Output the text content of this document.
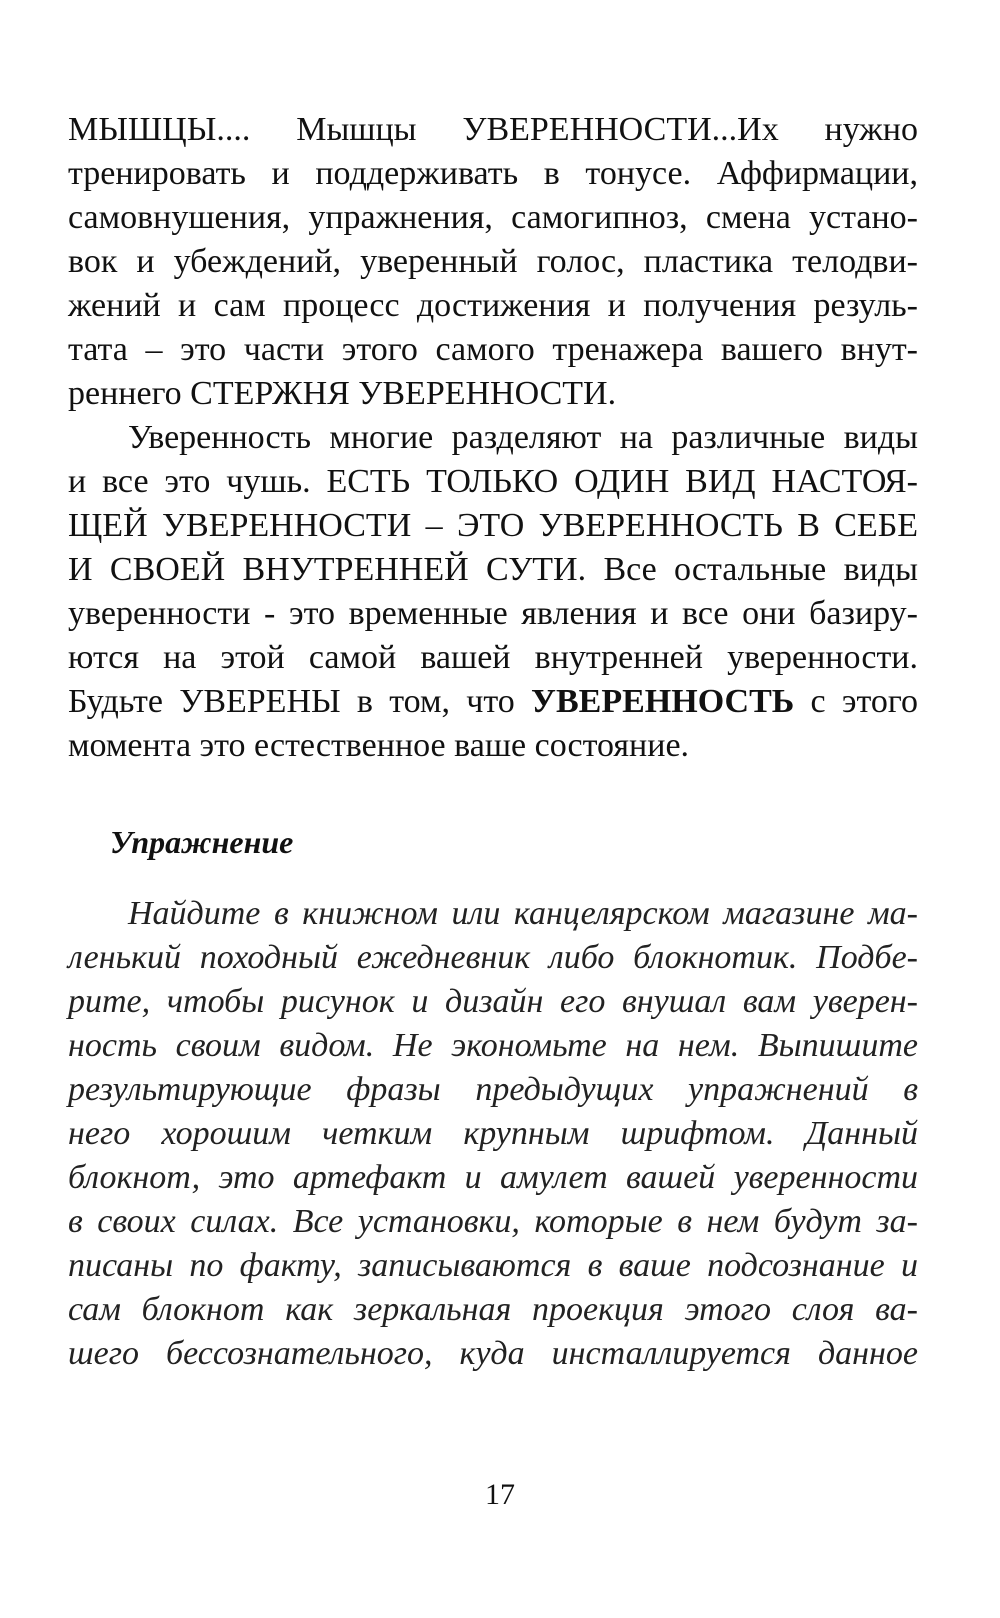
МЫШЦЫ.... Мышцы УВЕРЕННОСТИ...Их нужно
тренировать и поддерживать в тонусе. Аффирмации,
самовнушения, упражнения, самогипноз, смена устано-
вок и убеждений, уверенный голос, пластика телодви-
жений и сам процесс достижения и получения резуль-
тата – это части этого самого тренажера вашего внут-
реннего СТЕРЖНЯ УВЕРЕННОСТИ.
Уверенность многие разделяют на различные виды
и все это чушь. ЕСТЬ ТОЛЬКО ОДИН ВИД НАСТОЯ-
ЩЕЙ УВЕРЕННОСТИ – ЭТО УВЕРЕННОСТЬ В СЕБЕ
И СВОЕЙ ВНУТРЕННЕЙ СУТИ. Все остальные виды
уверенности - это временные явления и все они базиру-
ются на этой самой вашей внутренней уверенности.
Будьте УВЕРЕНЫ в том, что УВЕРЕННОСТЬ с этого
момента это естественное ваше состояние.
Упражнение
Найдите в книжном или канцелярском магазине ма-
ленький походный ежедневник либо блокнотик. Подбе-
рите, чтобы рисунок и дизайн его внушал вам уверен-
ность своим видом. Не экономьте на нем. Выпишите
результирующие фразы предыдущих упражнений в
него хорошим четким крупным шрифтом. Данный
блокнот, это артефакт и амулет вашей уверенности
в своих силах. Все установки, которые в нем будут за-
писаны по факту, записываются в ваше подсознание и
сам блокнот как зеркальная проекция этого слоя ва-
шего бессознательного, куда инсталлируется данное
17
